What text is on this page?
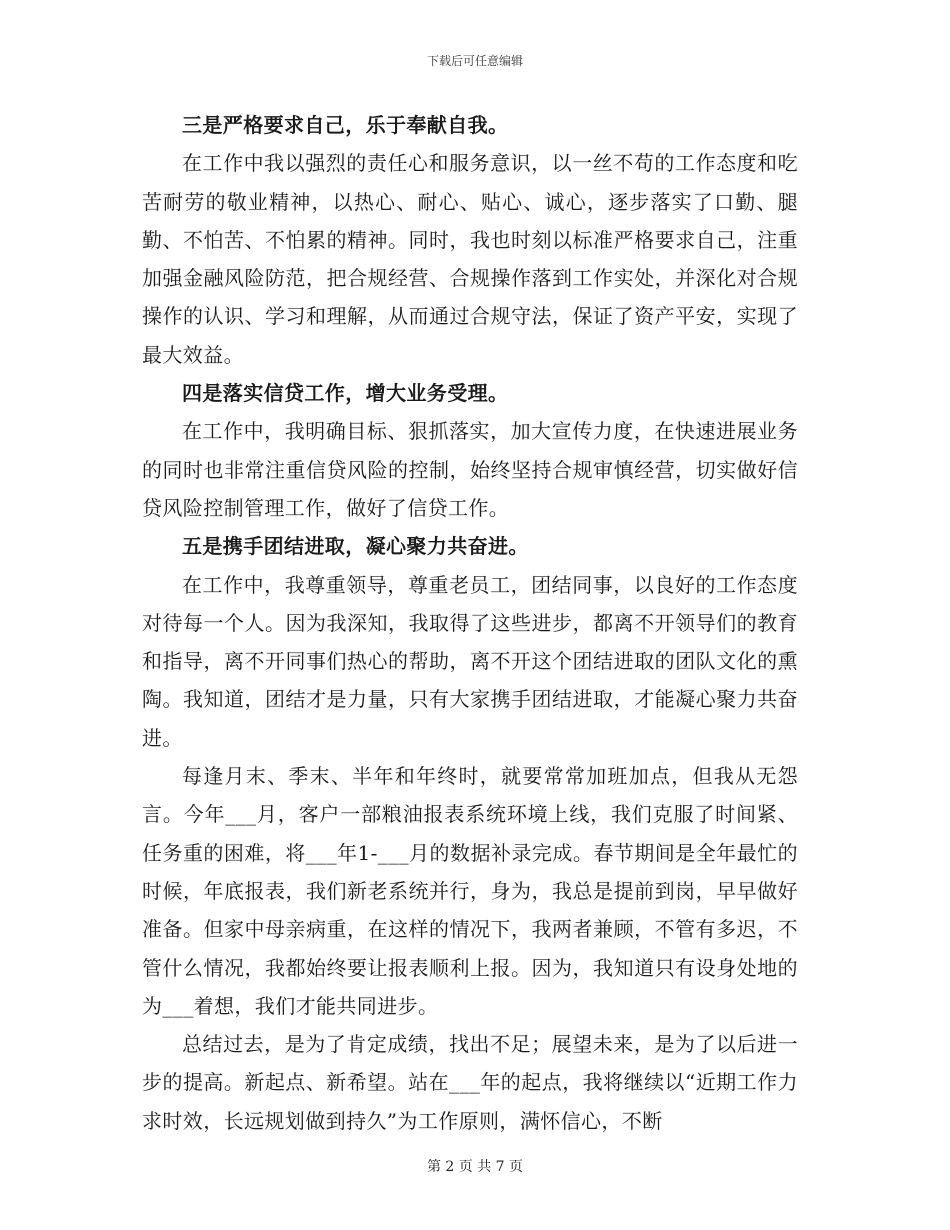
下载后可任意编辑

三是严格要求自己，乐于奉献自我。

在工作中我以强烈的责任心和服务意识，以一丝不苟的工作态度和吃苦耐劳的敬业精神，以热心、耐心、贴心、诚心，逐步落实了口勤、腿勤、不怕苦、不怕累的精神。同时，我也时刻以标准严格要求自己，注重加强金融风险防范，把合规经营、合规操作落到工作实处，并深化对合规操作的认识、学习和理解，从而通过合规守法，保证了资产平安，实现了最大效益。

四是落实信贷工作，增大业务受理。

在工作中，我明确目标、狠抓落实，加大宣传力度，在快速进展业务的同时也非常注重信贷风险的控制，始终坚持合规审慎经营，切实做好信贷风险控制管理工作，做好了信贷工作。

五是携手团结进取，凝心聚力共奋进。

在工作中，我尊重领导，尊重老员工，团结同事，以良好的工作态度对待每一个人。因为我深知，我取得了这些进步，都离不开领导们的教育和指导，离不开同事们热心的帮助，离不开这个团结进取的团队文化的熏陶。我知道，团结才是力量，只有大家携手团结进取，才能凝心聚力共奋进。

每逢月末、季末、半年和年终时，就要常常加班加点，但我从无怨言。今年___月，客户一部粮油报表系统环境上线，我们克服了时间紧、任务重的困难，将___年1-___月的数据补录完成。春节期间是全年最忙的时候，年底报表，我们新老系统并行，身为，我总是提前到岗，早早做好准备。但家中母亲病重，在这样的情况下，我两者兼顾，不管有多迟，不管什么情况，我都始终要让报表顺利上报。因为，我知道只有设身处地的为___着想，我们才能共同进步。

总结过去，是为了肯定成绩，找出不足；展望未来，是为了以后进一步的提高。新起点、新希望。站在___年的起点，我将继续以“近期工作力求时效，长远规划做到持久”为工作原则，满怀信心，不断

第 2 页 共 7 页
